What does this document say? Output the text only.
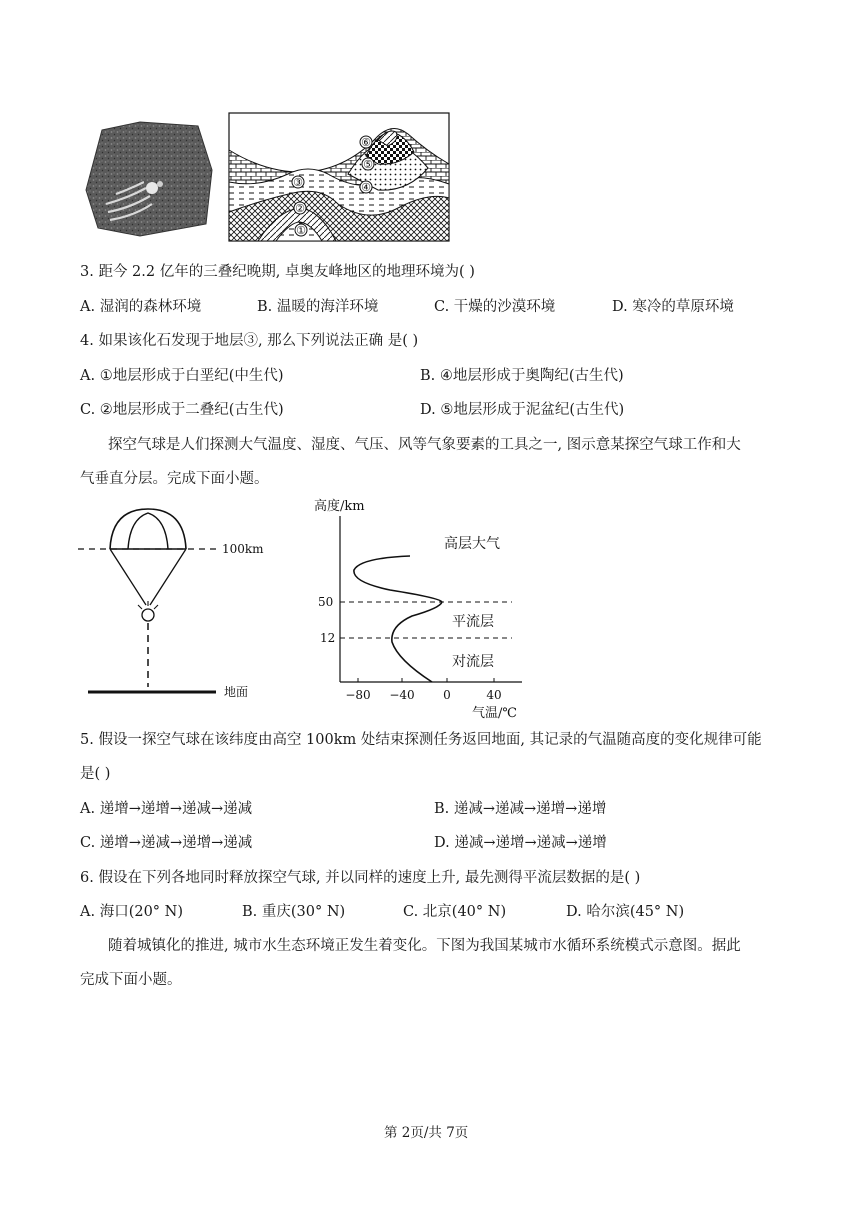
①
②
③	④
⑤
⑥
3. 距今 2.2 亿年的三叠纪晚期, 卓奥友峰地区的地理环境为( )
A. 湿润的森林环境	B. 温暖的海洋环境	C. 干燥的沙漠环境	D. 寒冷的草原环境
4. 如果该化石发现于地层③, 那么下列说法正确 是( )
A. ①地层形成于白垩纪(中生代)	B. ④地层形成于奥陶纪(古生代)
C. ②地层形成于二叠纪(古生代)	D. ⑤地层形成于泥盆纪(古生代)
探空气球是人们探测大气温度、湿度、气压、风等气象要素的工具之一, 图示意某探空气球工作和大
气垂直分层。完成下面小题。
100km
地面
高度/km
50
12
−80 −40 0	40
气温/℃
高层大气
平流层
对流层
5. 假设一探空气球在该纬度由高空 100km 处结束探测任务返回地面, 其记录的气温随高度的变化规律可能
是( )
A. 递增→递增→递减→递减	B. 递减→递减→递增→递增
C. 递增→递减→递增→递减	D. 递减→递增→递减→递增
6. 假设在下列各地同时释放探空气球, 并以同样的速度上升, 最先测得平流层数据的是( )
A. 海口(20° N)	B. 重庆(30° N)	C. 北京(40° N)	D. 哈尔滨(45° N)
随着城镇化的推进, 城市水生态环境正发生着变化。下图为我国某城市水循环系统模式示意图。据此
完成下面小题。
第 2页/共 7页
